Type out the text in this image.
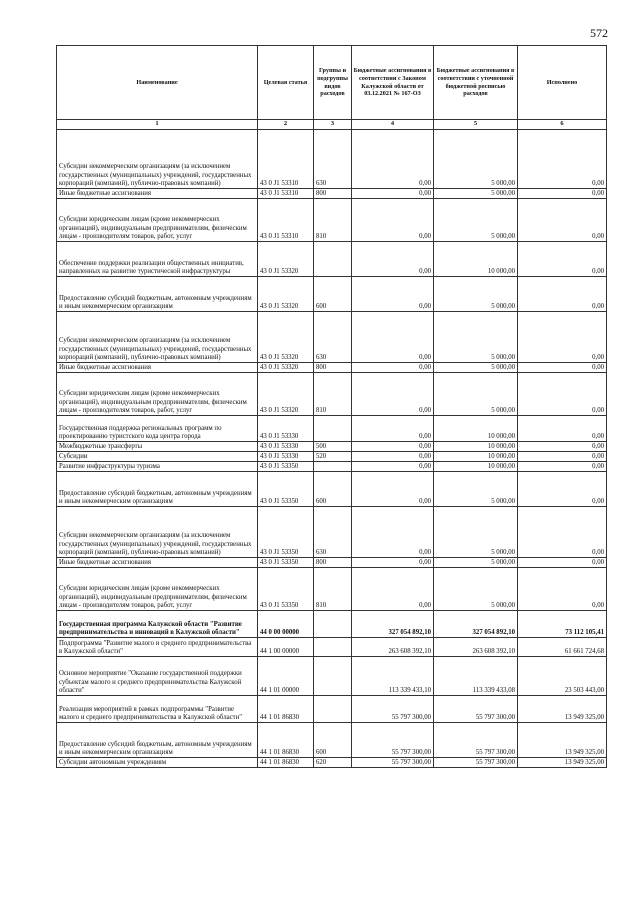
572
Наименование	Целевая статья	Группы и подгруппы видов расходов	Бюджетные ассигнования в соответствии с Законом Калужской области от 03.12.2021 № 167-ОЗ	Бюджетные ассигнования в соответствии с уточненной бюджетной росписью расходов	Исполнено
1	2	3	4	5	6
Субсидии некоммерческим организациям (за исключением государственных (муниципальных) учреждений, государственных корпораций (компаний), публично-правовых компаний)	43 0 J1 53310	630	0,00	5 000,00	0,00
Иные бюджетные ассигнования	43 0 J1 53310	800	0,00	5 000,00	0,00
Субсидии юридическим лицам (кроме некоммерческих организаций), индивидуальным предпринимателям, физическим лицам - производителям товаров, работ, услуг	43 0 J1 53310	810	0,00	5 000,00	0,00
Обеспечение поддержки реализации общественных инициатив, направленных на развитие туристической инфраструктуры	43 0 J1 53320		0,00	10 000,00	0,00
Предоставление субсидий бюджетным, автономным учреждениям и иным некоммерческим организациям	43 0 J1 53320	600	0,00	5 000,00	0,00
Субсидии некоммерческим организациям (за исключением государственных (муниципальных) учреждений, государственных корпораций (компаний), публично-правовых компаний)	43 0 J1 53320	630	0,00	5 000,00	0,00
Иные бюджетные ассигнования	43 0 J1 53320	800	0,00	5 000,00	0,00
Субсидии юридическим лицам (кроме некоммерческих организаций), индивидуальным предпринимателям, физическим лицам - производителям товаров, работ, услуг	43 0 J1 53320	810	0,00	5 000,00	0,00
Государственная поддержка региональных программ по проектированию туристского кода центра города	43 0 J1 53330		0,00	10 000,00	0,00
Межбюджетные трансферты	43 0 J1 53330	500	0,00	10 000,00	0,00
Субсидии	43 0 J1 53330	520	0,00	10 000,00	0,00
Развитие инфраструктуры туризма	43 0 J1 53350		0,00	10 000,00	0,00
Предоставление субсидий бюджетным, автономным учреждениям и иным некоммерческим организациям	43 0 J1 53350	600	0,00	5 000,00	0,00
Субсидии некоммерческим организациям (за исключением государственных (муниципальных) учреждений, государственных корпораций (компаний), публично-правовых компаний)	43 0 J1 53350	630	0,00	5 000,00	0,00
Иные бюджетные ассигнования	43 0 J1 53350	800	0,00	5 000,00	0,00
Субсидии юридическим лицам (кроме некоммерческих организаций), индивидуальным предпринимателям, физическим лицам - производителям товаров, работ, услуг	43 0 J1 53350	810	0,00	5 000,00	0,00
Государственная программа Калужской области "Развитие предпринимательства и инноваций в Калужской области"	44 0 00 00000		327 054 892,10	327 054 892,10	73 112 105,41
Подпрограмма "Развитие малого и среднего предпринимательства в Калужской области"	44 1 00 00000		263 608 392,10	263 608 392,10	61 661 724,68
Основное мероприятие "Оказание государственной поддержки субъектам малого и среднего предпринимательства Калужской области"	44 1 01 00000		113 339 433,10	113 339 433,08	23 503 443,00
Реализация мероприятий в рамках подпрограммы "Развитие малого и среднего предпринимательства в Калужской области"	44 1 01 86830		55 797 300,00	55 797 300,00	13 949 325,00
Предоставление субсидий бюджетным, автономным учреждениям и иным некоммерческим организациям	44 1 01 86830	600	55 797 300,00	55 797 300,00	13 949 325,00
Субсидии автономным учреждениям	44 1 01 86830	620	55 797 300,00	55 797 300,00	13 949 325,00
